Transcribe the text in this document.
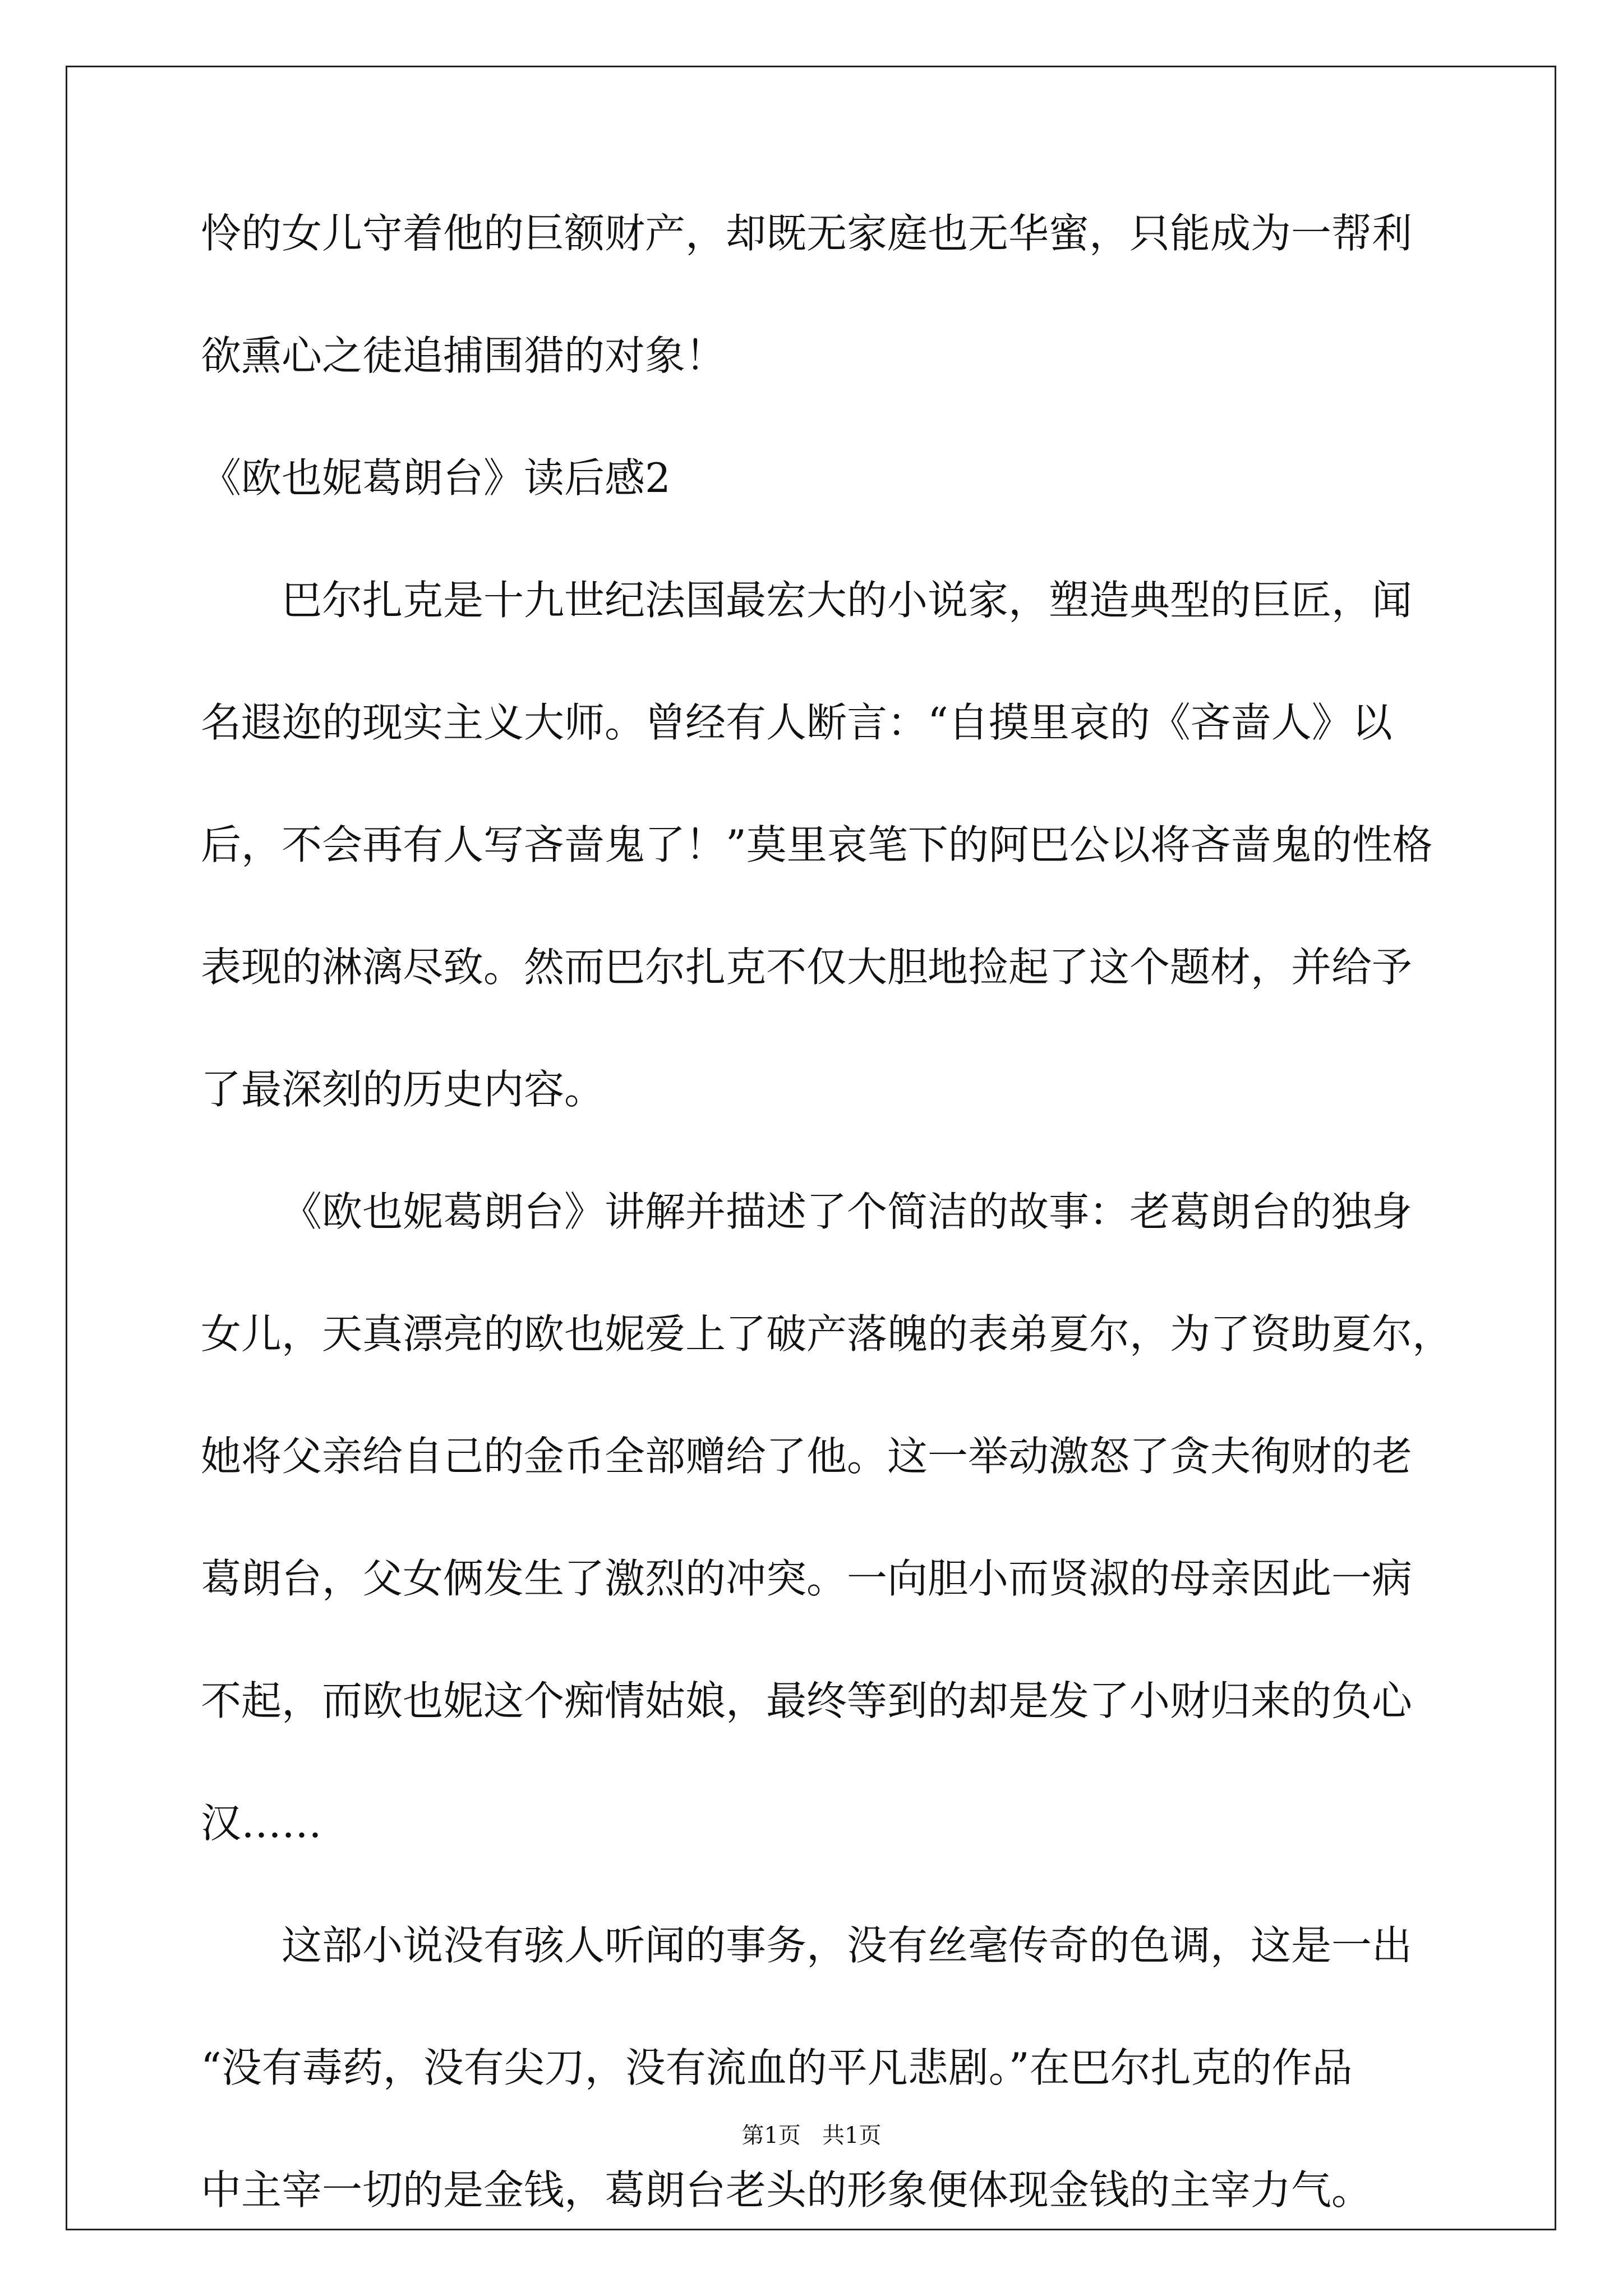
怜的女儿守着他的巨额财产，却既无家庭也无华蜜，只能成为一帮利
欲熏心之徒追捕围猎的对象！
《欧也妮葛朗台》读后感2
巴尔扎克是十九世纪法国最宏大的小说家，塑造典型的巨匠，闻
名遐迩的现实主义大师。曾经有人断言：“自摸里哀的《吝啬人》以
后，不会再有人写吝啬鬼了！”莫里哀笔下的阿巴公以将吝啬鬼的性格
表现的淋漓尽致。然而巴尔扎克不仅大胆地捡起了这个题材，并给予
了最深刻的历史内容。
《欧也妮葛朗台》讲解并描述了个简洁的故事：老葛朗台的独身
女儿，天真漂亮的欧也妮爱上了破产落魄的表弟夏尔，为了资助夏尔，
她将父亲给自己的金币全部赠给了他。这一举动激怒了贪夫徇财的老
葛朗台，父女俩发生了激烈的冲突。一向胆小而贤淑的母亲因此一病
不起，而欧也妮这个痴情姑娘，最终等到的却是发了小财归来的负心
汉……
这部小说没有骇人听闻的事务，没有丝毫传奇的色调，这是一出
“没有毒药，没有尖刀，没有流血的平凡悲剧。”在巴尔扎克的作品
中主宰一切的是金钱，葛朗台老头的形象便体现金钱的主宰力气。
第1页   共1页
